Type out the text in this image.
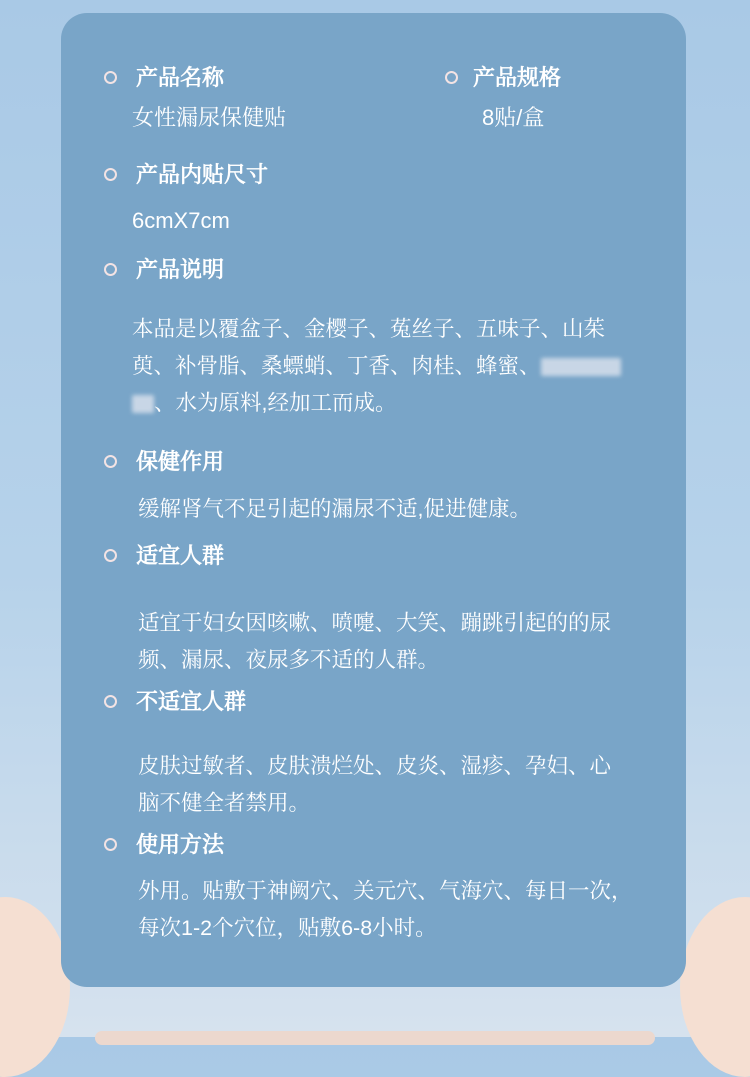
产品名称
女性漏尿保健贴
产品规格
8贴/盒
产品内贴尺寸
6cmX7cm
产品说明
本品是以覆盆子、金樱子、菟丝子、五味子、山茱
萸、补骨脂、桑螵蛸、丁香、肉桂、蜂蜜、
、水为原料,经加工而成。
保健作用
缓解肾气不足引起的漏尿不适,促进健康。
适宜人群
适宜于妇女因咳嗽、喷嚏、大笑、蹦跳引起的的尿
频、漏尿、夜尿多不适的人群。
不适宜人群
皮肤过敏者、皮肤溃烂处、皮炎、湿疹、孕妇、心
脑不健全者禁用。
使用方法
外用。贴敷于神阙穴、关元穴、气海穴、每日一次，
每次1-2个穴位，贴敷6-8小时。
